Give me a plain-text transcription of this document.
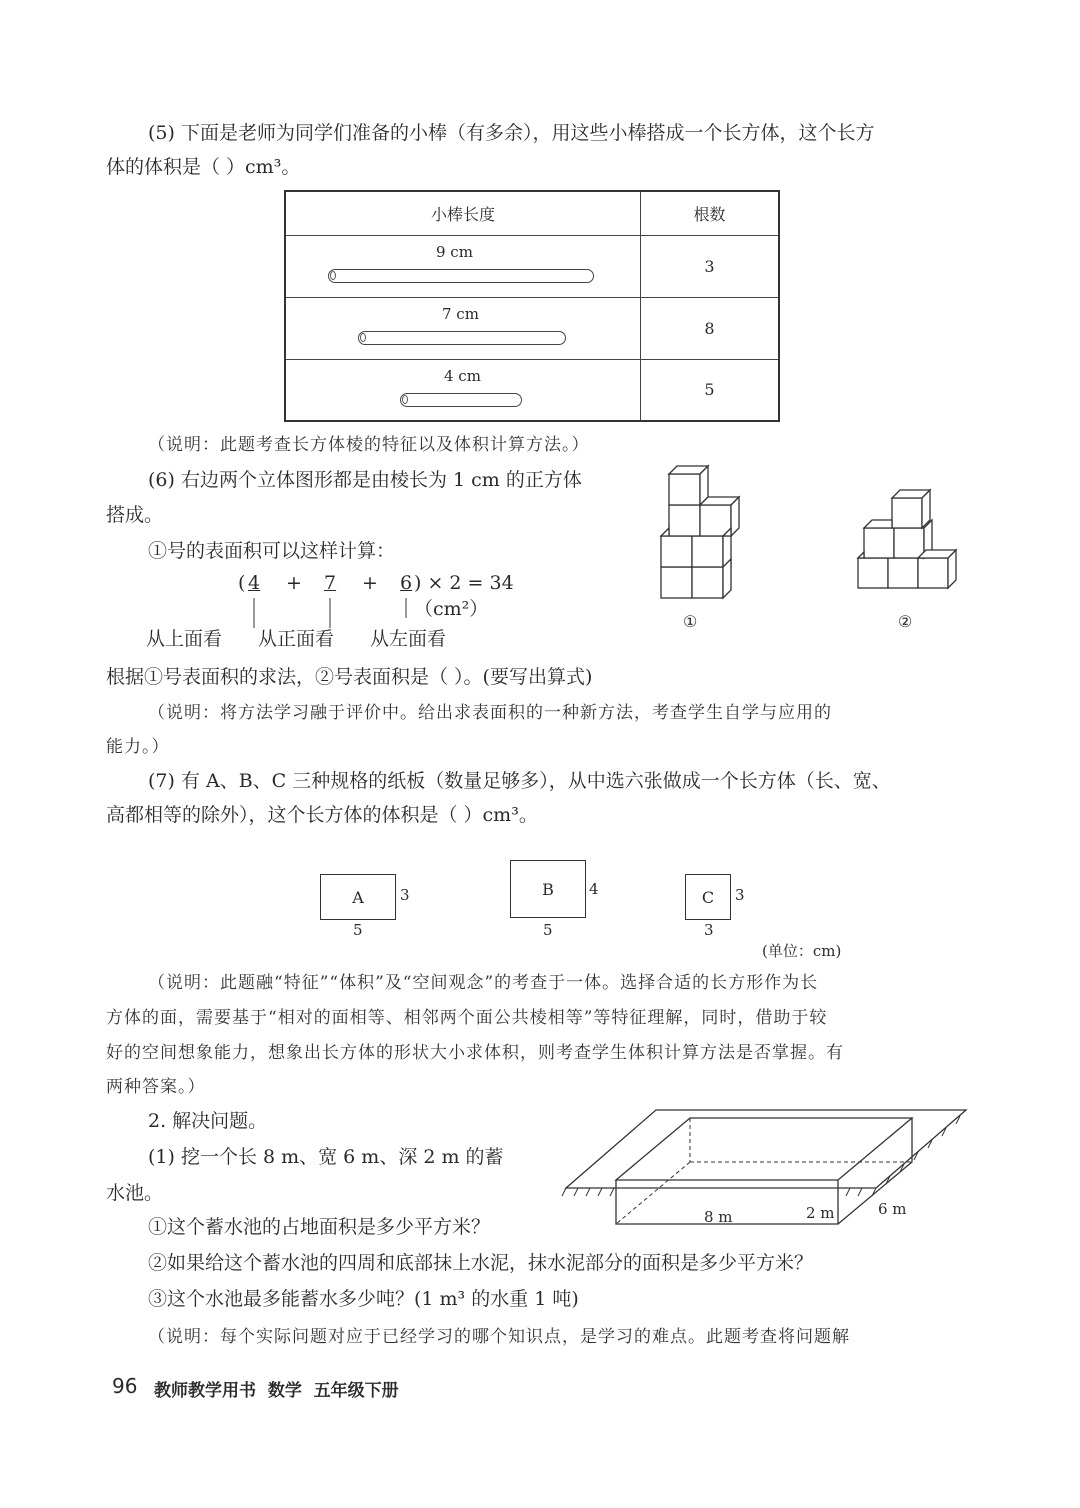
(5) 下面是老师为同学们准备的小棒（有多余），用这些小棒搭成一个长方体，这个长方
体的体积是（ ）cm³。
小棒长度	根数

9 cm	3

7 cm	8

4 cm	5
（说明：此题考查长方体棱的特征以及体积计算方法。）
(6) 右边两个立体图形都是由棱长为 1 cm 的正方体
搭成。
①号的表面积可以这样计算：
( 4 + 7 + 6 ) × 2 = 34（cm²）
从上面看 从正面看 从左面看
①	②
根据①号表面积的求法，②号表面积是（ ）。(要写出算式)
（说明：将方法学习融于评价中。给出求表面积的一种新方法，考查学生自学与应用的
能力。）
(7) 有 A、B、C 三种规格的纸板（数量足够多），从中选六张做成一个长方体（长、宽、
高都相等的除外），这个长方体的体积是（ ）cm³。
A 3
5
B 4
5
C 3
3
(单位：cm)
（说明：此题融“特征”“体积”及“空间观念”的考查于一体。选择合适的长方形作为长
方体的面，需要基于“相对的面相等、相邻两个面公共棱相等”等特征理解，同时，借助于较
好的空间想象能力，想象出长方体的形状大小求体积，则考查学生体积计算方法是否掌握。有
两种答案。）
2. 解决问题。
(1) 挖一个长 8 m、宽 6 m、深 2 m 的蓄
水池。
①这个蓄水池的占地面积是多少平方米？
②如果给这个蓄水池的四周和底部抹上水泥，抹水泥部分的面积是多少平方米？
③这个水池最多能蓄水多少吨？(1 m³ 的水重 1 吨)
8 m	2 m	6 m
（说明：每个实际问题对应于已经学习的哪个知识点，是学习的难点。此题考查将问题解
96 教师教学用书  数学  五年级下册
